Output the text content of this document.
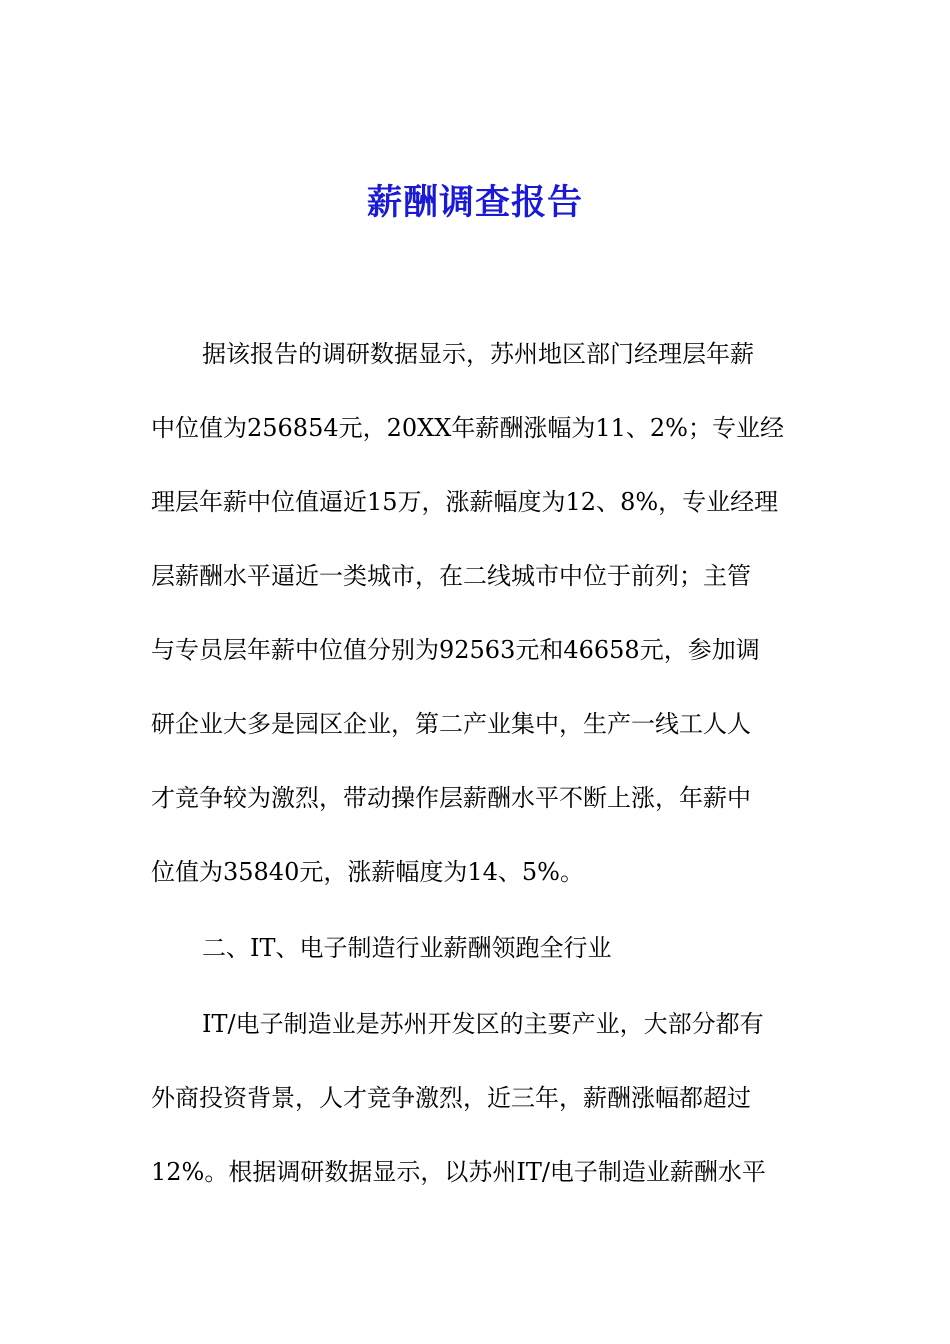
薪酬调查报告
据该报告的调研数据显示，苏州地区部门经理层年薪
中位值为256854元，20XX年薪酬涨幅为11、2%；专业经
理层年薪中位值逼近15万，涨薪幅度为12、8%，专业经理
层薪酬水平逼近一类城市，在二线城市中位于前列；主管
与专员层年薪中位值分别为92563元和46658元，参加调
研企业大多是园区企业，第二产业集中，生产一线工人人
才竞争较为激烈，带动操作层薪酬水平不断上涨，年薪中
位值为35840元，涨薪幅度为14、5%。
二、IT、电子制造行业薪酬领跑全行业
IT/电子制造业是苏州开发区的主要产业，大部分都有
外商投资背景，人才竞争激烈，近三年，薪酬涨幅都超过
12%。根据调研数据显示，以苏州IT/电子制造业薪酬水平
